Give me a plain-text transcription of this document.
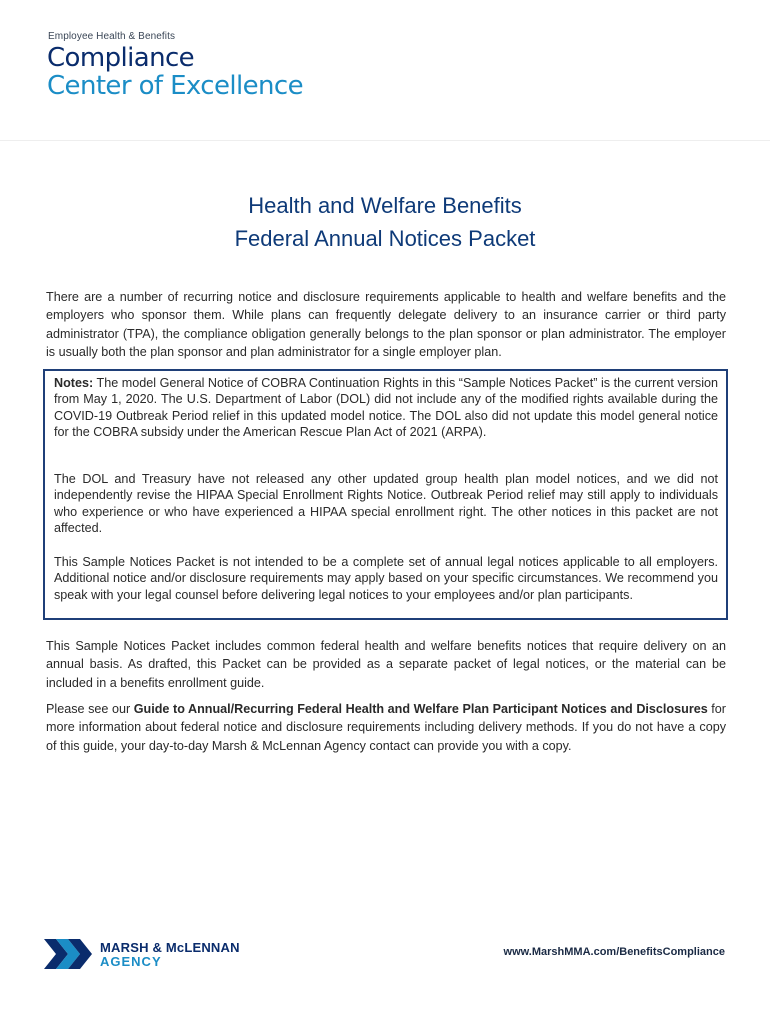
Employee Health & Benefits
Compliance
Center of Excellence
Health and Welfare Benefits
Federal Annual Notices Packet

There are a number of recurring notice and disclosure requirements applicable to health and welfare benefits and the employers who sponsor them. While plans can frequently delegate delivery to an insurance carrier or third party administrator (TPA), the compliance obligation generally belongs to the plan sponsor or plan administrator. The employer is usually both the plan sponsor and plan administrator for a single employer plan.

Notes: The model General Notice of COBRA Continuation Rights in this “Sample Notices Packet” is the current version from May 1, 2020. The U.S. Department of Labor (DOL) did not include any of the modified rights available during the COVID-19 Outbreak Period relief in this updated model notice. The DOL also did not update this model general notice for the COBRA subsidy under the American Rescue Plan Act of 2021 (ARPA).

The DOL and Treasury have not released any other updated group health plan model notices, and we did not independently revise the HIPAA Special Enrollment Rights Notice. Outbreak Period relief may still apply to individuals who experience or who have experienced a HIPAA special enrollment right. The other notices in this packet are not affected.

This Sample Notices Packet is not intended to be a complete set of annual legal notices applicable to all employers. Additional notice and/or disclosure requirements may apply based on your specific circumstances. We recommend you speak with your legal counsel before delivering legal notices to your employees and/or plan participants.

This Sample Notices Packet includes common federal health and welfare benefits notices that require delivery on an annual basis. As drafted, this Packet can be provided as a separate packet of legal notices, or the material can be included in a benefits enrollment guide.

Please see our Guide to Annual/Recurring Federal Health and Welfare Plan Participant Notices and Disclosures for more information about federal notice and disclosure requirements including delivery methods. If you do not have a copy of this guide, your day-to-day Marsh & McLennan Agency contact can provide you with a copy.

MARSH & McLENNAN
AGENCY
www.MarshMMA.com/BenefitsCompliance
